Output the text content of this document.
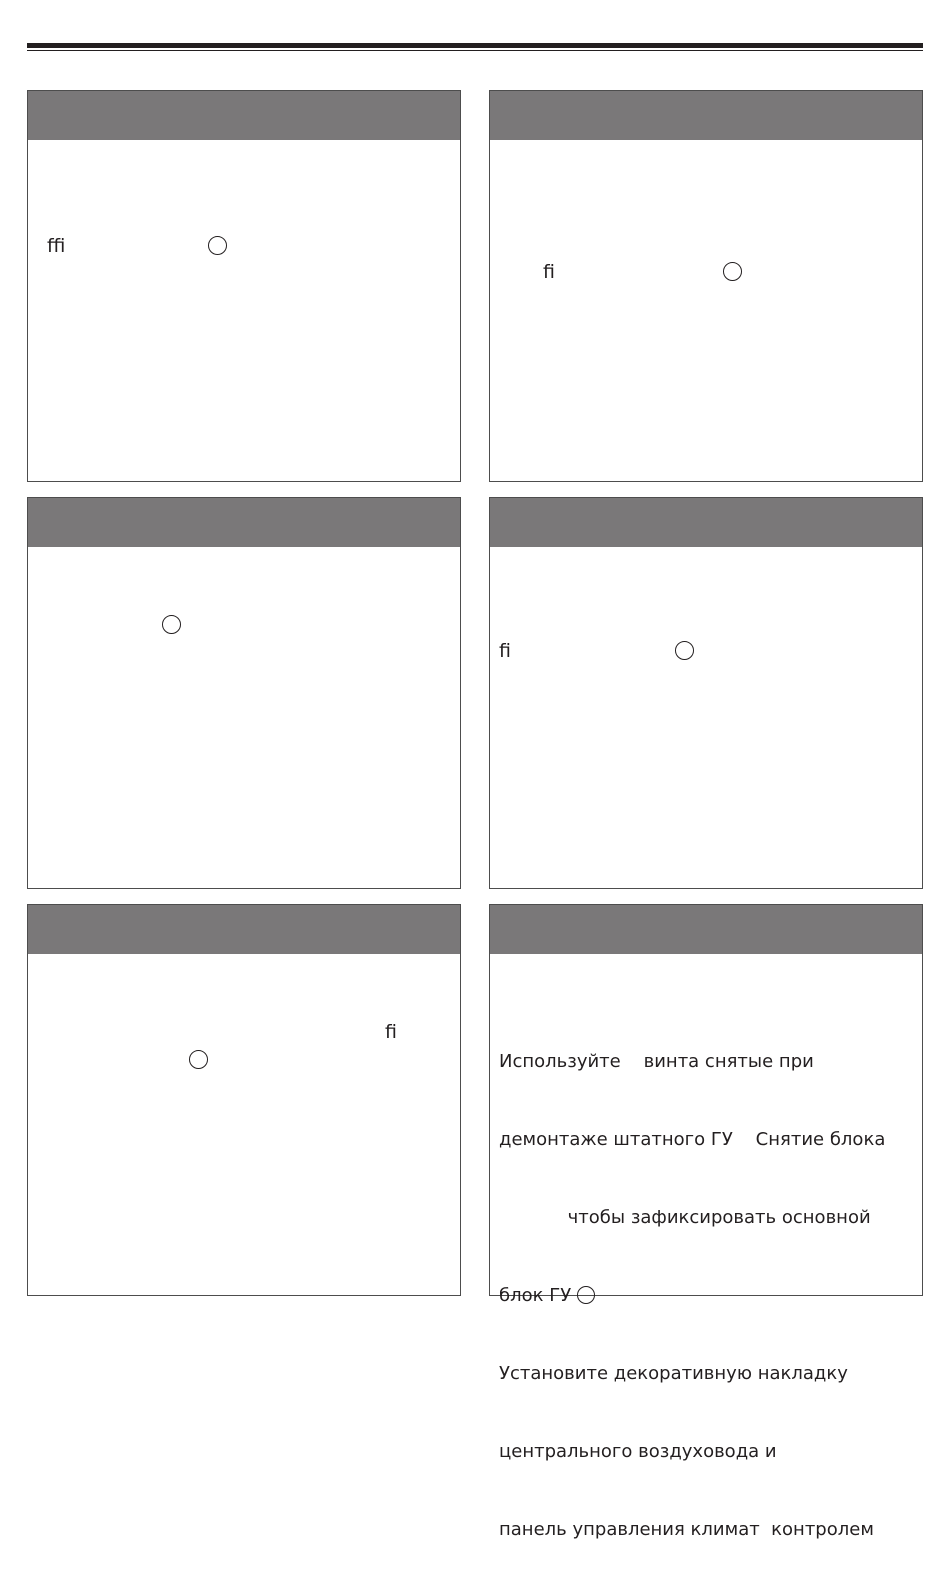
ﬃ
ﬁ
ﬁ
ﬁ

Используйте    винта снятые при

демонтаже штатного ГУ    Снятие блока

чтобы зафиксировать основной

блок ГУ

Установите декоративную накладку

центрального воздуховода и

панель управления климат  контролем
